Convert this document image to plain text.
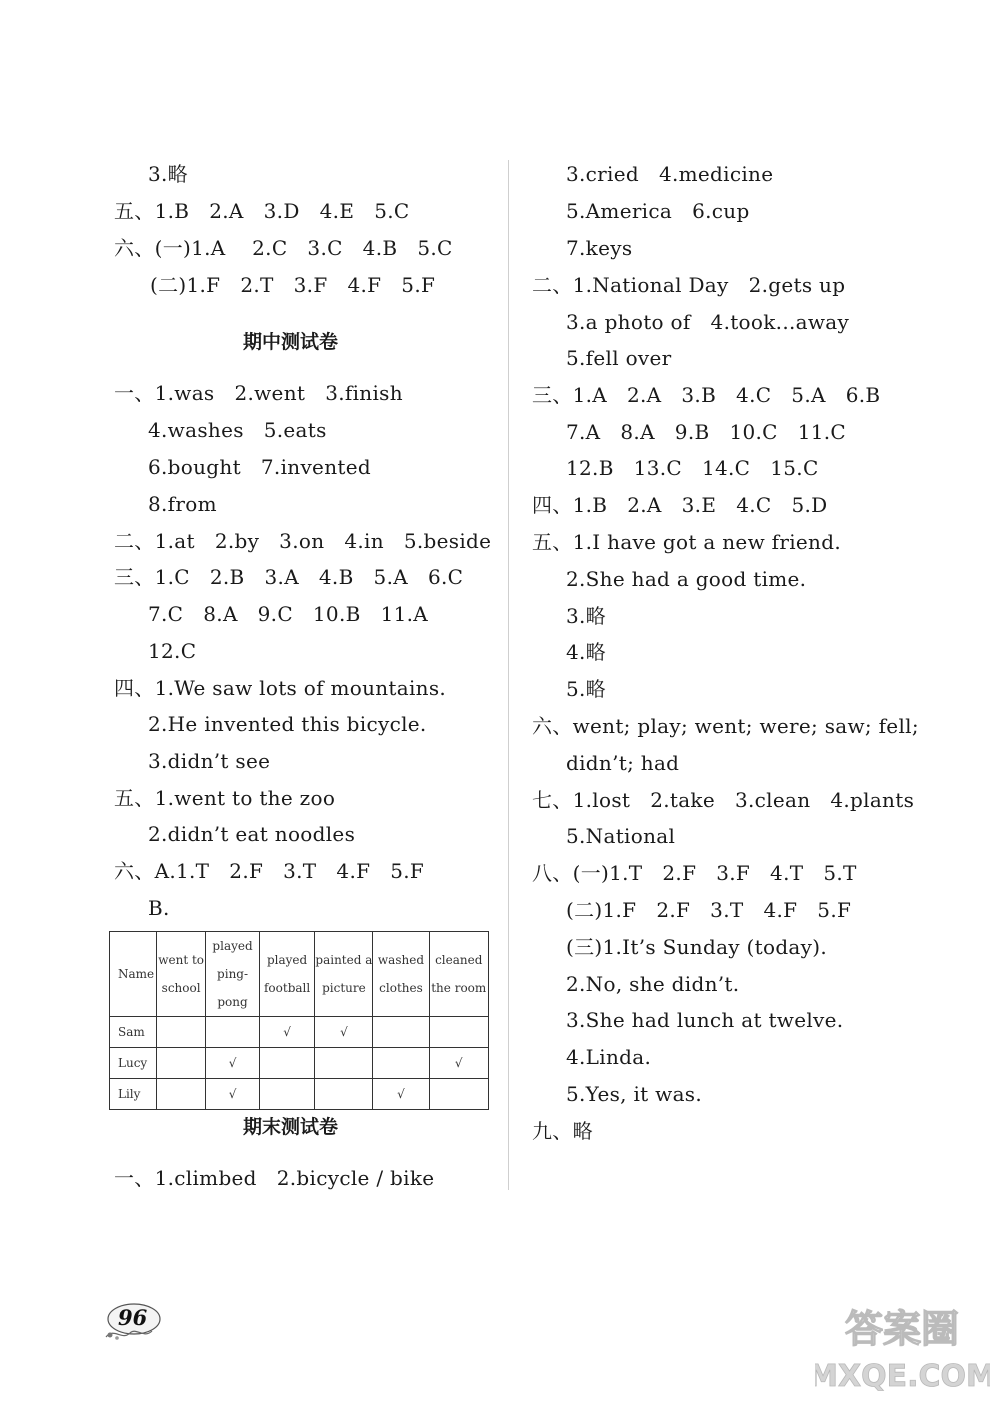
3.略
五、1.B   2.A   3.D   4.E   5.C
六、(一)1.A    2.C   3.C   4.B   5.C
(二)1.F   2.T   3.F   4.F   5.F
期中测试卷
一、1.was   2.went   3.finish
4.washes   5.eats
6.bought   7.invented
8.from
二、1.at   2.by   3.on   4.in   5.beside
三、1.C   2.B   3.A   4.B   5.A   6.C
7.C   8.A   9.C   10.B   11.A
12.C
四、1.We saw lots of mountains.
2.He invented this bicycle.
3.didn’t see
五、1.went to the zoo
2.didn’t eat noodles
六、A.1.T   2.F   3.T   4.F   5.F
B.
Name	went to school	played ping-pong	played football	painted a picture	washed clothes	cleaned the room
Sam			√	√		
Lucy		√				√
Lily		√			√	
期末测试卷
一、1.climbed   2.bicycle / bike
3.cried   4.medicine
5.America   6.cup
7.keys
二、1.National Day   2.gets up
3.a photo of   4.took...away
5.fell over
三、1.A   2.A   3.B   4.C   5.A   6.B
7.A   8.A   9.B   10.C   11.C
12.B   13.C   14.C   15.C
四、1.B   2.A   3.E   4.C   5.D
五、1.I have got a new friend.
2.She had a good time.
3.略
4.略
5.略
六、went; play; went; were; saw; fell;
didn’t; had
七、1.lost   2.take   3.clean   4.plants
5.National
八、(一)1.T   2.F   3.F   4.T   5.T
(二)1.F   2.F   3.T   4.F   5.F
(三)1.It’s Sunday (today).
2.No, she didn’t.
3.She had lunch at twelve.
4.Linda.
5.Yes, it was.
九、略
96	答案圈
MXQE.COM
